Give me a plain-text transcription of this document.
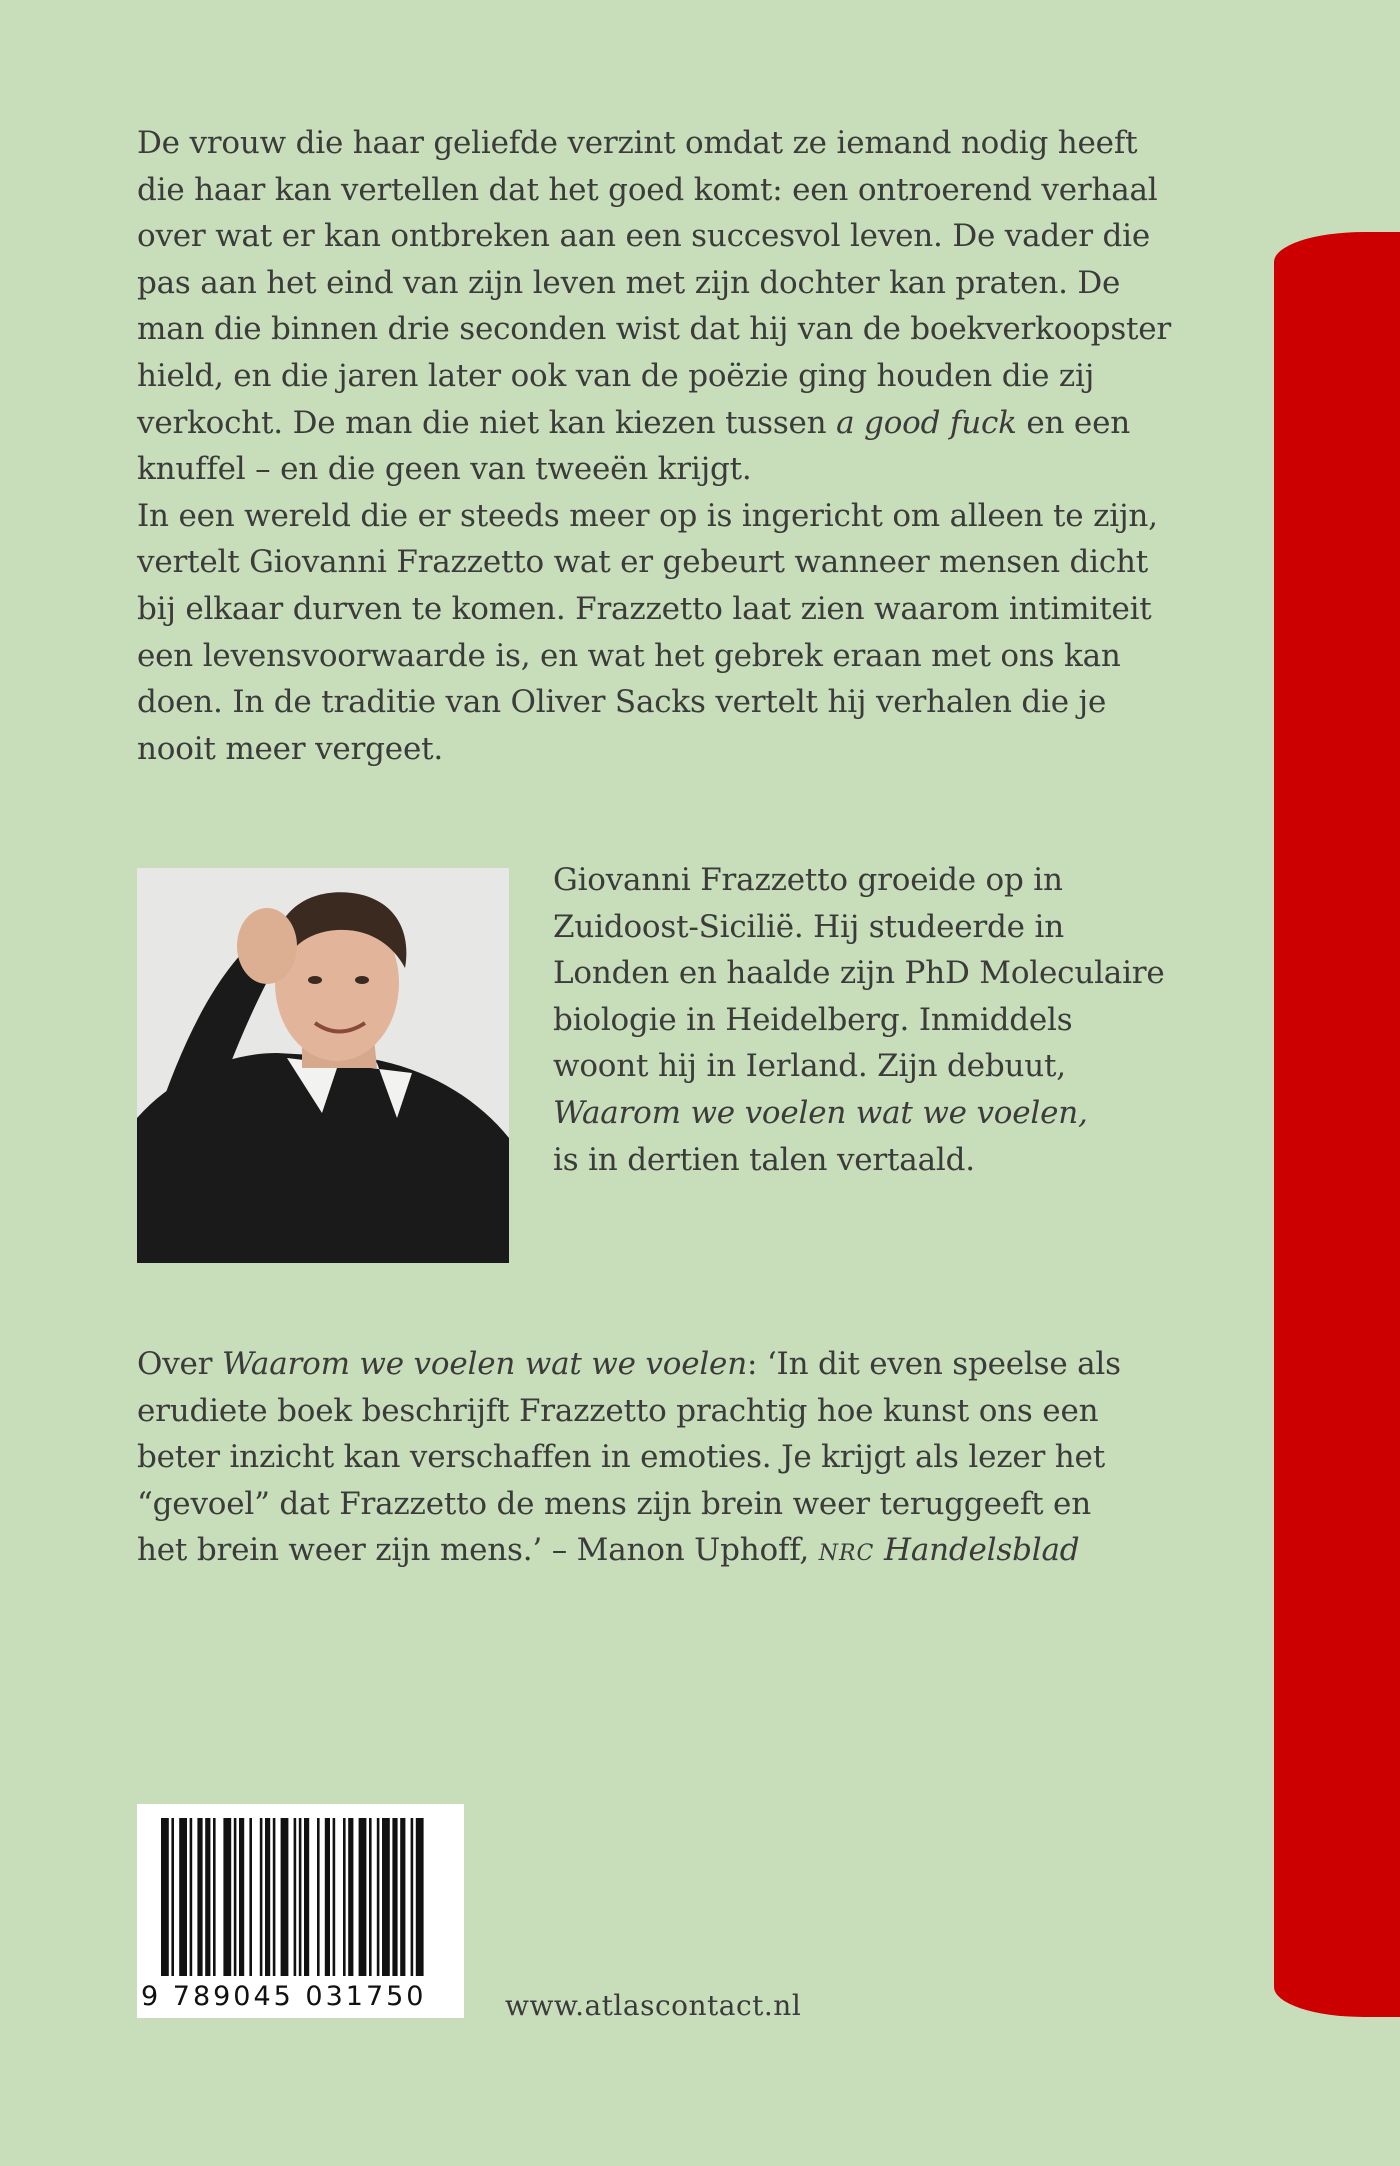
De vrouw die haar geliefde verzint omdat ze iemand nodig heeft
die haar kan vertellen dat het goed komt: een ontroerend verhaal
over wat er kan ontbreken aan een succesvol leven. De vader die
pas aan het eind van zijn leven met zijn dochter kan praten. De
man die binnen drie seconden wist dat hij van de boekverkoopster
hield, en die jaren later ook van de poëzie ging houden die zij
verkocht. De man die niet kan kiezen tussen a good fuck en een
knuffel – en die geen van tweeën krijgt.
In een wereld die er steeds meer op is ingericht om alleen te zijn,
vertelt Giovanni Frazzetto wat er gebeurt wanneer mensen dicht
bij elkaar durven te komen. Frazzetto laat zien waarom intimiteit
een levensvoorwaarde is, en wat het gebrek eraan met ons kan
doen. In de traditie van Oliver Sacks vertelt hij verhalen die je
nooit meer vergeet.

Giovanni Frazzetto groeide op in
Zuidoost-Sicilië. Hij studeerde in
Londen en haalde zijn PhD Moleculaire
biologie in Heidelberg. Inmiddels
woont hij in Ierland. Zijn debuut,
Waarom we voelen wat we voelen,
is in dertien talen vertaald.

Over Waarom we voelen wat we voelen: ‘In dit even speelse als
erudiete boek beschrijft Frazzetto prachtig hoe kunst ons een
beter inzicht kan verschaffen in emoties. Je krijgt als lezer het
“gevoel” dat Frazzetto de mens zijn brein weer teruggeeft en
het brein weer zijn mens.’ – Manon Uphoff, NRC Handelsblad

9 789045 031750	www.atlascontact.nl
